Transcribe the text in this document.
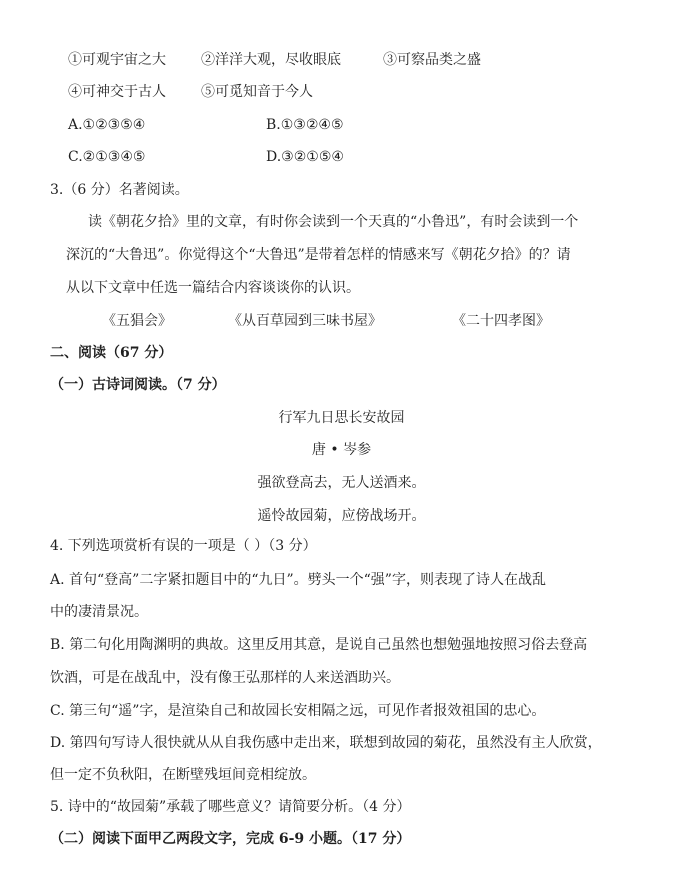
①可观宇宙之大	②洋洋大观，尽收眼底	③可察品类之盛
④可神交于古人	⑤可觅知音于今人
A.①②③⑤④	B.①③②④⑤
C.②①③④⑤	D.③②①⑤④
3.（6 分）名著阅读。
读《朝花夕拾》里的文章，有时你会读到一个天真的“小鲁迅”，有时会读到一个
深沉的“大鲁迅”。你觉得这个“大鲁迅”是带着怎样的情感来写《朝花夕拾》的？请
从以下文章中任选一篇结合内容谈谈你的认识。
《五猖会》	《从百草园到三味书屋》	《二十四孝图》
二、阅读（67 分）
（一）古诗词阅读。（7 分）
行军九日思长安故园
唐 • 岑参
强欲登高去，无人送酒来。
遥怜故园菊，应傍战场开。
4. 下列选项赏析有误的一项是（ ）（3 分）
A. 首句“登高”二字紧扣题目中的“九日”。劈头一个“强”字，则表现了诗人在战乱
中的凄清景况。
B. 第二句化用陶渊明的典故。这里反用其意，是说自己虽然也想勉强地按照习俗去登高
饮酒，可是在战乱中，没有像王弘那样的人来送酒助兴。
C. 第三句“遥”字，是渲染自己和故园长安相隔之远，可见作者报效祖国的忠心。
D. 第四句写诗人很快就从从自我伤感中走出来，联想到故园的菊花，虽然没有主人欣赏，
但一定不负秋阳，在断壁残垣间竞相绽放。
5. 诗中的“故园菊”承载了哪些意义？请简要分析。（4 分）
（二）阅读下面甲乙两段文字，完成 6-9 小题。（17 分）
